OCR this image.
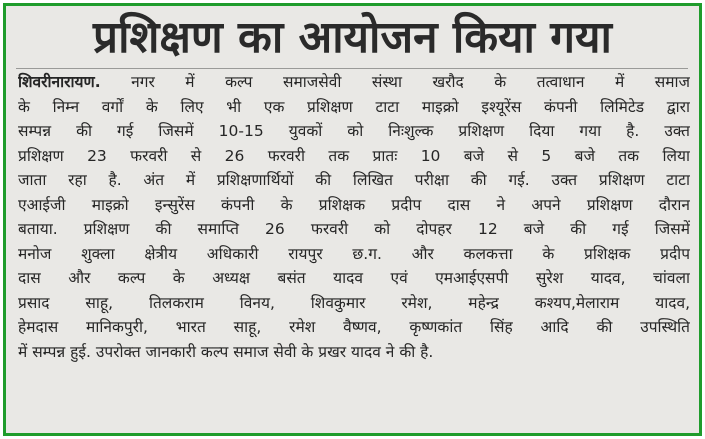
प्रशिक्षण का आयोजन किया गया
शिवरीनारायण. नगर में कल्प समाजसेवी संस्था खरौद के तत्वाधान में समाज
के निम्न वर्गों के लिए भी एक प्रशिक्षण टाटा माइक्रो इश्यूरेंस कंपनी लिमिटेड द्वारा
सम्पन्न की गई जिसमें 10-15 युवकों को निःशुल्क प्रशिक्षण दिया गया है. उक्त
प्रशिक्षण 23 फरवरी से 26 फरवरी तक प्रातः 10 बजे से 5 बजे तक लिया
जाता रहा है. अंत में प्रशिक्षणार्थियों की लिखित परीक्षा की गई. उक्त प्रशिक्षण टाटा
एआईजी माइक्रो इन्सुरेंस कंपनी के प्रशिक्षक प्रदीप दास ने अपने प्रशिक्षण दौरान
बताया. प्रशिक्षण की समाप्ति 26 फरवरी को दोपहर 12 बजे की गई जिसमें
मनोज शुक्ला क्षेत्रीय अधिकारी रायपुर छ.ग. और कलकत्ता के प्रशिक्षक प्रदीप
दास और कल्प के अध्यक्ष बसंत यादव एवं एमआईएसपी सुरेश यादव, चांवला
प्रसाद साहू, तिलकराम विनय, शिवकुमार रमेश, महेन्द्र कश्यप,मेलाराम यादव,
हेमदास मानिकपुरी, भारत साहू, रमेश वैष्णव, कृष्णकांत सिंह आदि की उपस्थिति
में सम्पन्न हुई. उपरोक्त जानकारी कल्प समाज सेवी के प्रखर यादव ने की है.
